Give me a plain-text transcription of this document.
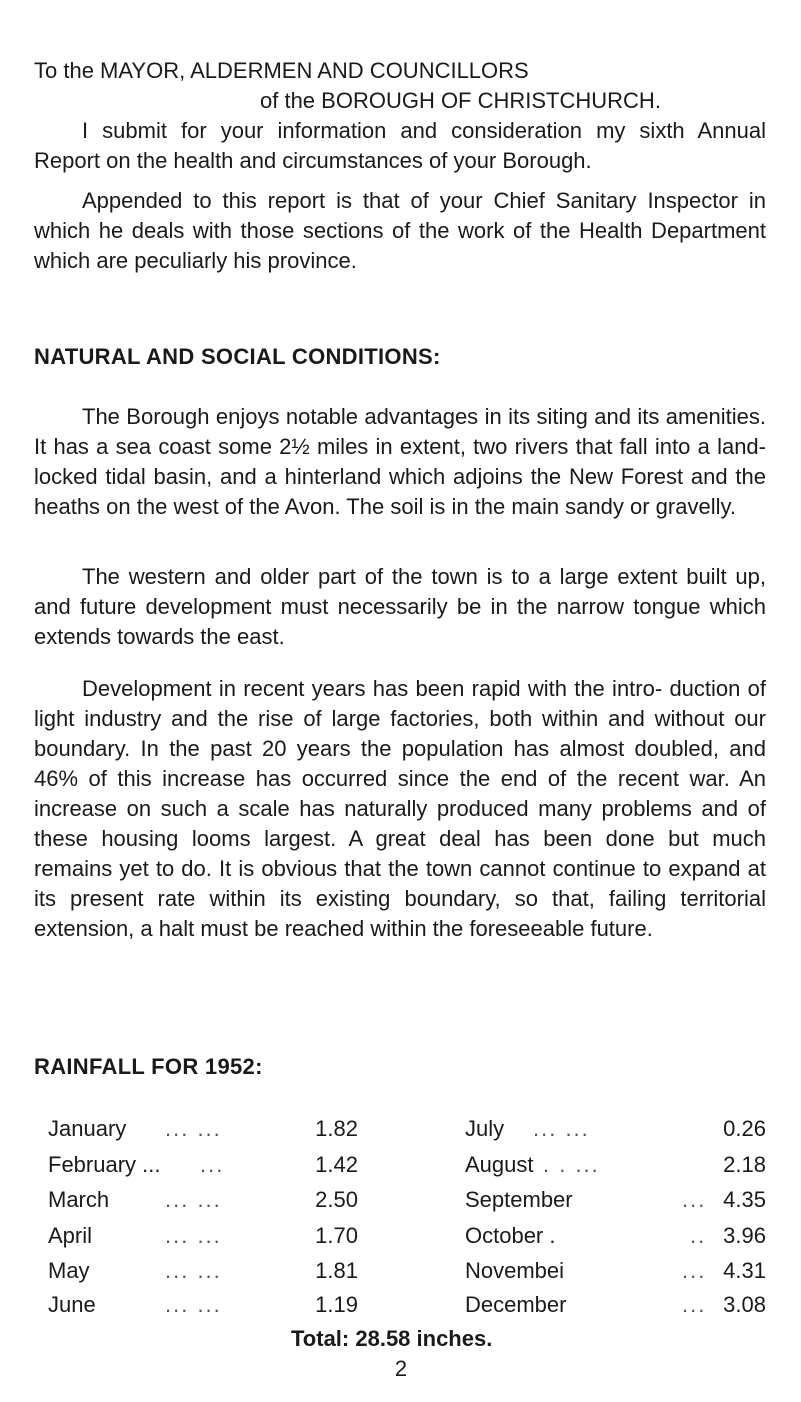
To the MAYOR, ALDERMEN AND COUNCILLORS
of the BOROUGH OF CHRISTCHURCH.

I submit for your information and consideration my sixth Annual Report on the health and circumstances of your Borough.

Appended to this report is that of your Chief Sanitary Inspector in which he deals with those sections of the work of the Health Department which are peculiarly his province.

NATURAL AND SOCIAL CONDITIONS:

The Borough enjoys notable advantages in its siting and its amenities. It has a sea coast some 2½ miles in extent, two rivers that fall into a land-locked tidal basin, and a hinterland which adjoins the New Forest and the heaths on the west of the Avon. The soil is in the main sandy or gravelly.

The western and older part of the town is to a large extent built up, and future development must necessarily be in the narrow tongue which extends towards the east.

Development in recent years has been rapid with the intro- duction of light industry and the rise of large factories, both within and without our boundary. In the past 20 years the population has almost doubled, and 46% of this increase has occurred since the end of the recent war. An increase on such a scale has naturally produced many problems and of these housing looms largest. A great deal has been done but much remains yet to do. It is obvious that the town cannot continue to expand at its present rate within its existing boundary, so that, failing territorial extension, a halt must be reached within the foreseeable future.

RAINFALL FOR 1952:
January ... ...	1.82	July ... ...	0.26
February ... ...	1.42	August . . ...	2.18
March	... ...	2.50	September	... 4.35
April	... ...	1.70	October .	.. 3.96
May	... ...	1.81	Novembei	... 4.31
June	... ...	1.19	December	... 3.08
Total: 28.58 inches.
2
